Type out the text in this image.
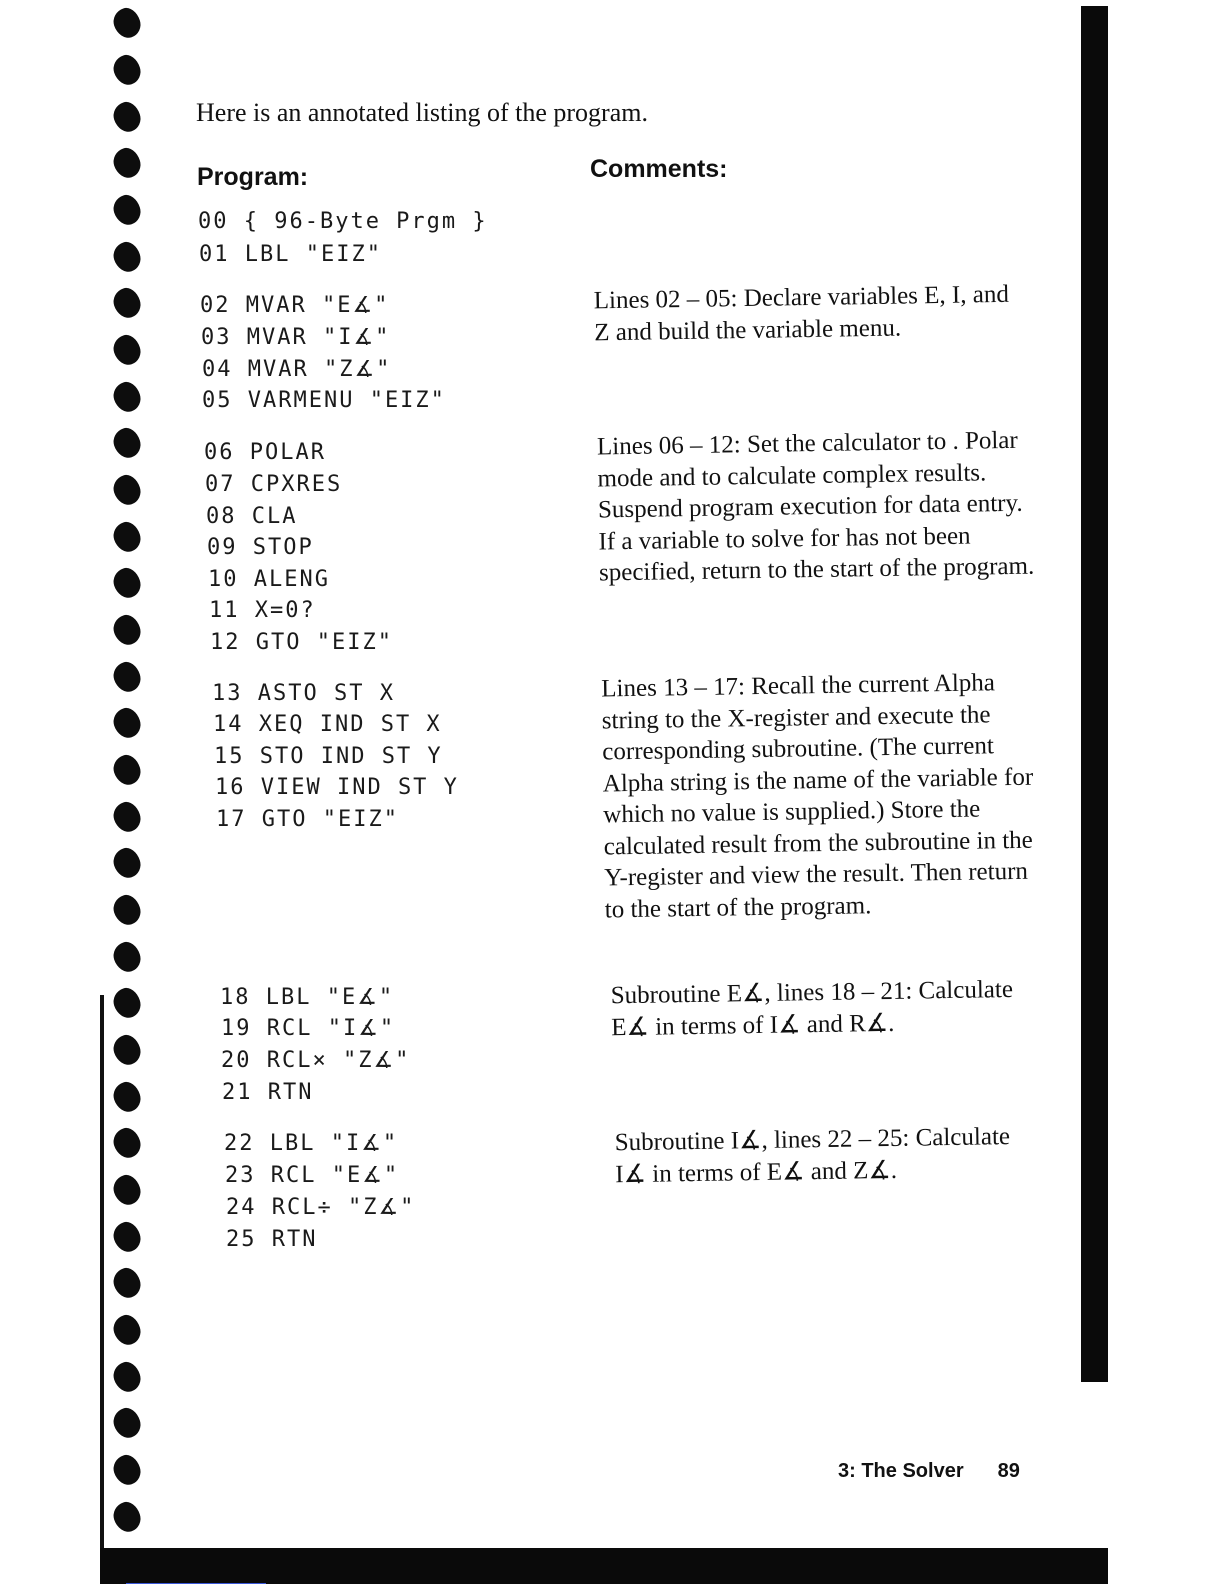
Here is an annotated listing of the program.
Program:	Comments:
00 { 96-Byte Prgm }
01 LBL "EIZ"
02 MVAR "E∡"
03 MVAR "I∡"
04 MVAR "Z∡"
05 VARMENU "EIZ"
06 POLAR
07 CPXRES
08 CLA
09 STOP
10 ALENG
11 X=0?
12 GTO "EIZ"
13 ASTO ST X
14 XEQ IND ST X
15 STO IND ST Y
16 VIEW IND ST Y
17 GTO "EIZ"
18 LBL "E∡"
19 RCL "I∡"
20 RCL× "Z∡"
21 RTN
22 LBL "I∡"
23 RCL "E∡"
24 RCL÷ "Z∡"
25 RTN
Lines 02 – 05: Declare variables E, I, and Z and build the variable menu.
Lines 06 – 12: Set the calculator to . Polar mode and to calculate complex results. Suspend program execution for data entry. If a variable to solve for has not been specified, return to the start of the program.
Lines 13 – 17: Recall the current Alpha string to the X-register and execute the corresponding subroutine. (The current Alpha string is the name of the variable for which no value is supplied.) Store the calculated result from the subroutine in the Y-register and view the result. Then return to the start of the program.
Subroutine E∡, lines 18 – 21: Calculate E∡ in terms of I∡ and R∡.
Subroutine I∡, lines 22 – 25: Calculate I∡ in terms of E∡ and Z∡.
3: The Solver 89
